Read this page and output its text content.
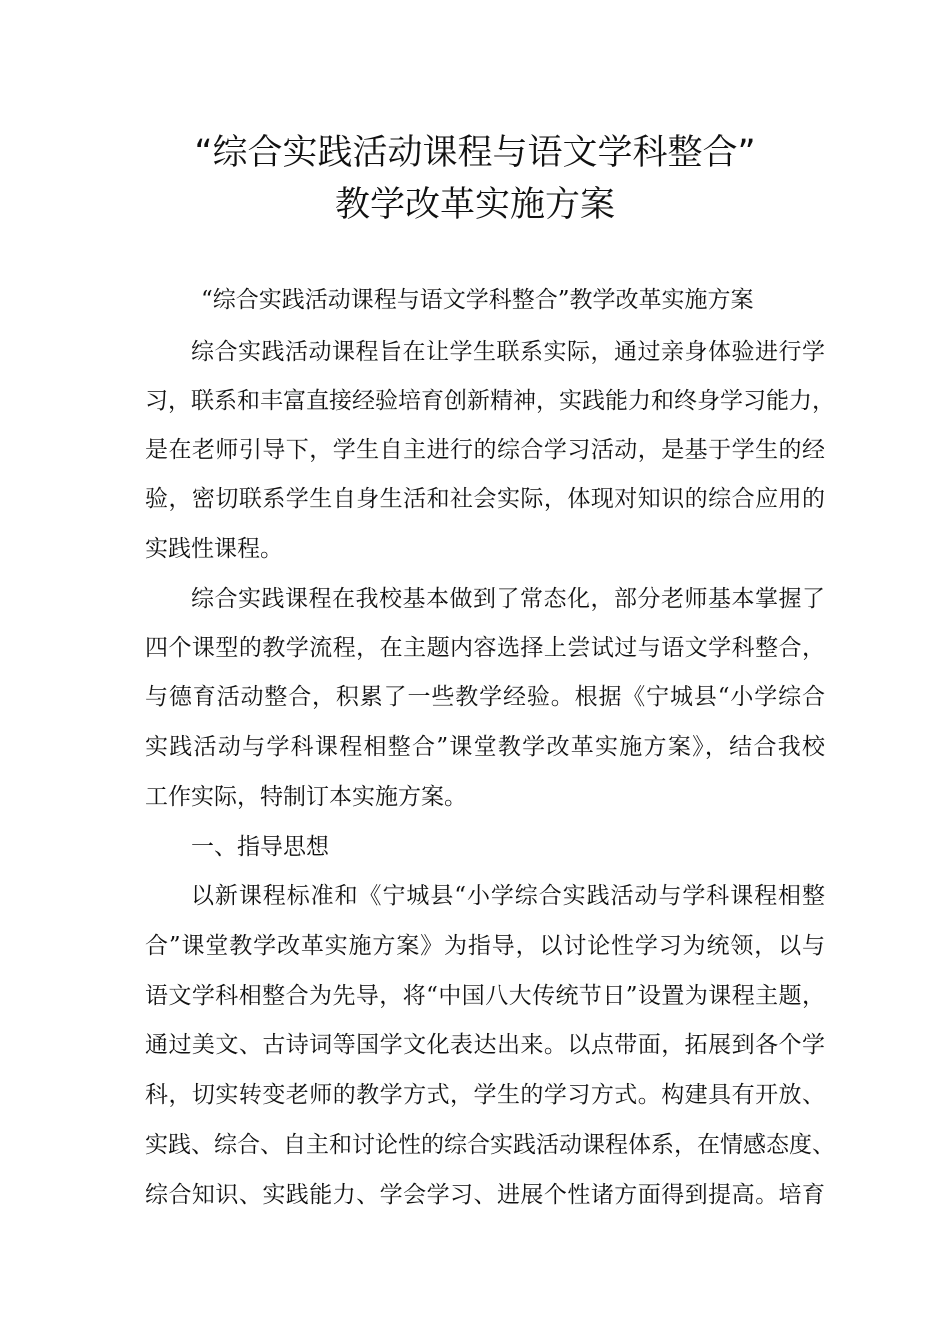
“综合实践活动课程与语文学科整合”
教学改革实施方案
“综合实践活动课程与语文学科整合”教学改革实施方案
综合实践活动课程旨在让学生联系实际，通过亲身体验进行学
习，联系和丰富直接经验培育创新精神，实践能力和终身学习能力，
是在老师引导下，学生自主进行的综合学习活动，是基于学生的经
验，密切联系学生自身生活和社会实际，体现对知识的综合应用的
实践性课程。
综合实践课程在我校基本做到了常态化，部分老师基本掌握了
四个课型的教学流程，在主题内容选择上尝试过与语文学科整合，
与德育活动整合，积累了一些教学经验。根据《宁城县“小学综合
实践活动与学科课程相整合”课堂教学改革实施方案》，结合我校
工作实际，特制订本实施方案。
一、指导思想
以新课程标准和《宁城县“小学综合实践活动与学科课程相整
合”课堂教学改革实施方案》为指导，以讨论性学习为统领，以与
语文学科相整合为先导，将“中国八大传统节日”设置为课程主题，
通过美文、古诗词等国学文化表达出来。以点带面，拓展到各个学
科，切实转变老师的教学方式，学生的学习方式。构建具有开放、
实践、综合、自主和讨论性的综合实践活动课程体系，在情感态度、
综合知识、实践能力、学会学习、进展个性诸方面得到提高。培育
